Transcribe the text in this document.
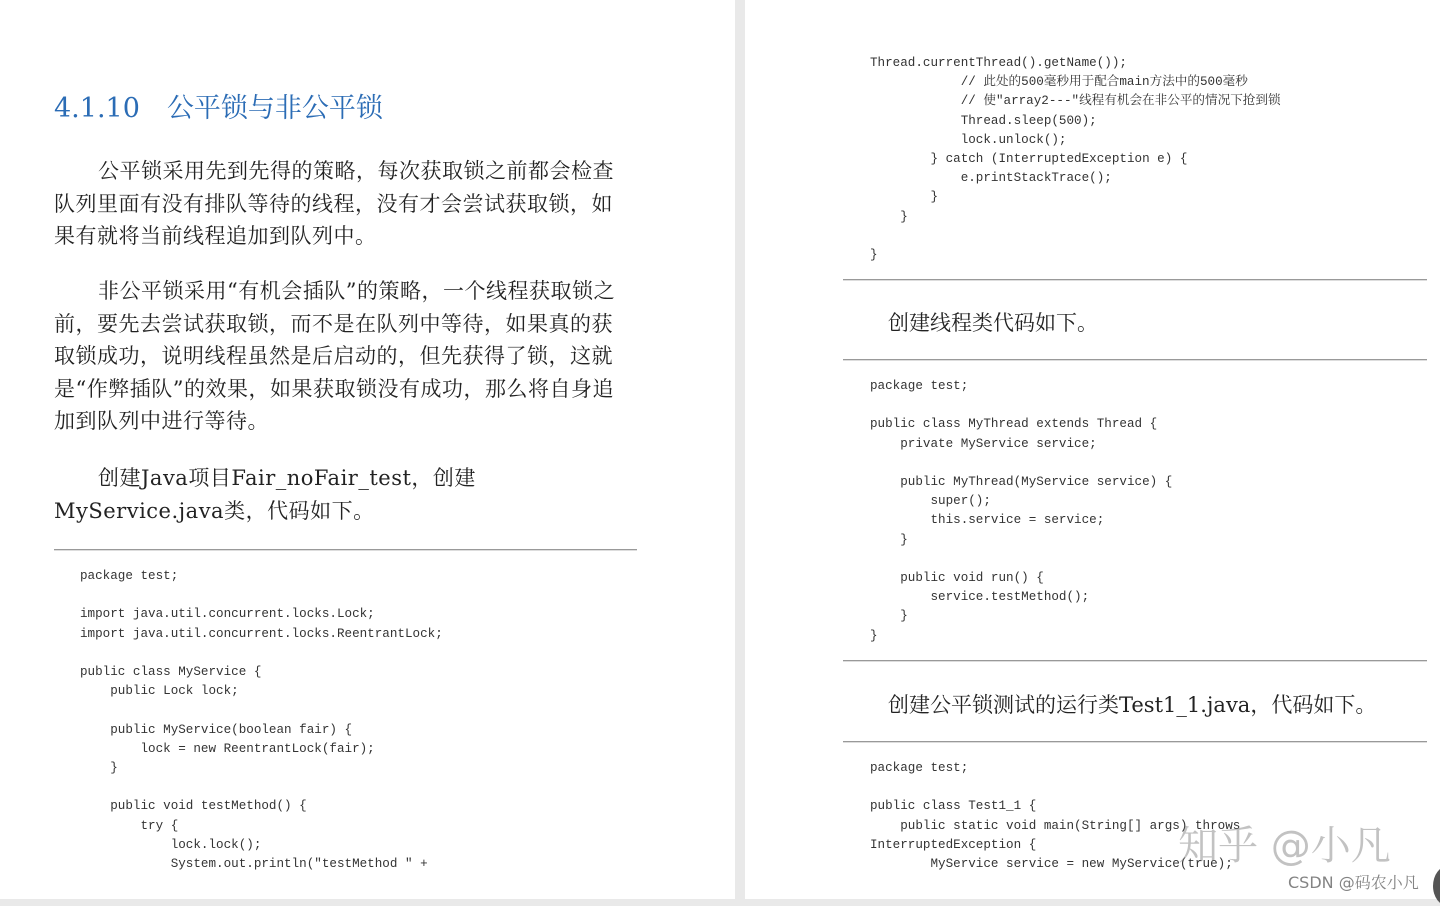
4.1.10　公平锁与非公平锁

公平锁采用先到先得的策略，每次获取锁之前都会检查队列里面有没有排队等待的线程，没有才会尝试获取锁，如果有就将当前线程追加到队列中。

非公平锁采用“有机会插队”的策略，一个线程获取锁之前，要先去尝试获取锁，而不是在队列中等待，如果真的获取锁成功，说明线程虽然是后启动的，但先获得了锁，这就是“作弊插队”的效果，如果获取锁没有成功，那么将自身追加到队列中进行等待。

创建Java项目Fair_noFair_test，创建MyService.java类，代码如下。

package test;

import java.util.concurrent.locks.Lock;
import java.util.concurrent.locks.ReentrantLock;

public class MyService {
public Lock lock;

public MyService(boolean fair) {
lock = new ReentrantLock(fair);
}

public void testMethod() {
try {
lock.lock();
System.out.println("testMethod " +
Thread.currentThread().getName());
// 此处的500毫秒用于配合main方法中的500毫秒
// 使"array2---"线程有机会在非公平的情况下抢到锁
Thread.sleep(500);
lock.unlock();
} catch (InterruptedException e) {
e.printStackTrace();
}
}

}
创建线程类代码如下。
package test;

public class MyThread extends Thread {
private MyService service;

public MyThread(MyService service) {
super();
this.service = service;
}

public void run() {
service.testMethod();
}
}
创建公平锁测试的运行类Test1_1.java，代码如下。
package test;

public class Test1_1 {
public static void main(String[] args) throws
InterruptedException {
MyService service = new MyService(true);
知乎 @小凡
CSDN @码农小凡
